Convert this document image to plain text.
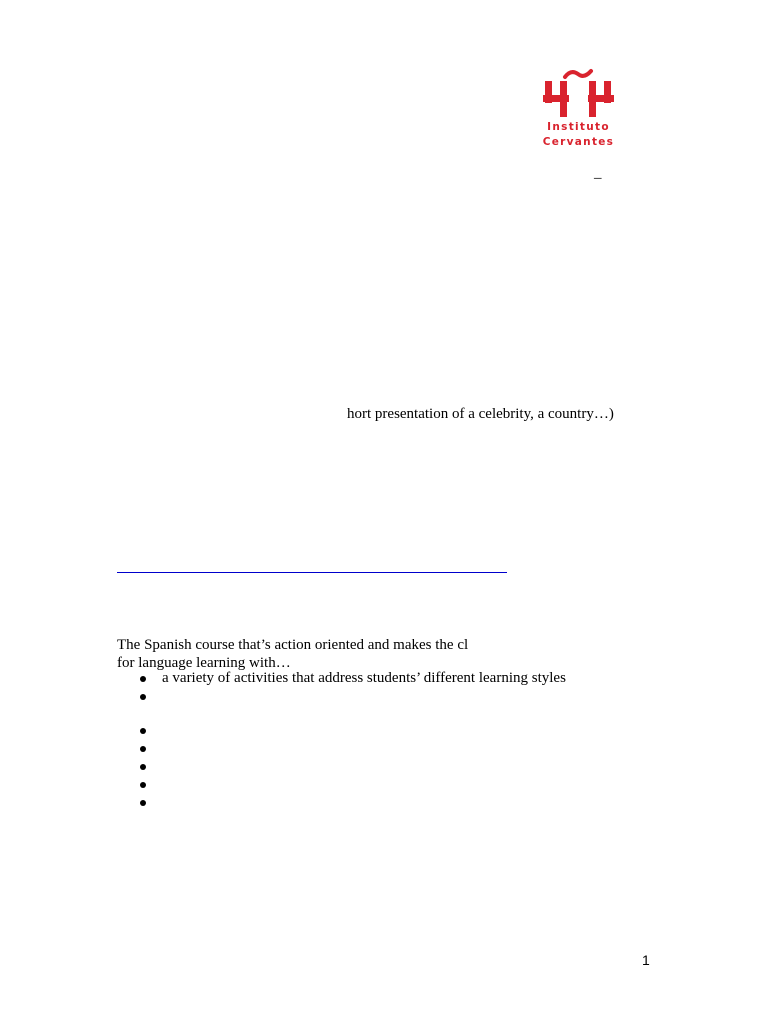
Instituto
Cervantes
–
hort presentation of a celebrity, a country…)
The Spanish course that’s action oriented and makes the cl
for language learning with…
a variety of activities that address students’ different learning styles
1
